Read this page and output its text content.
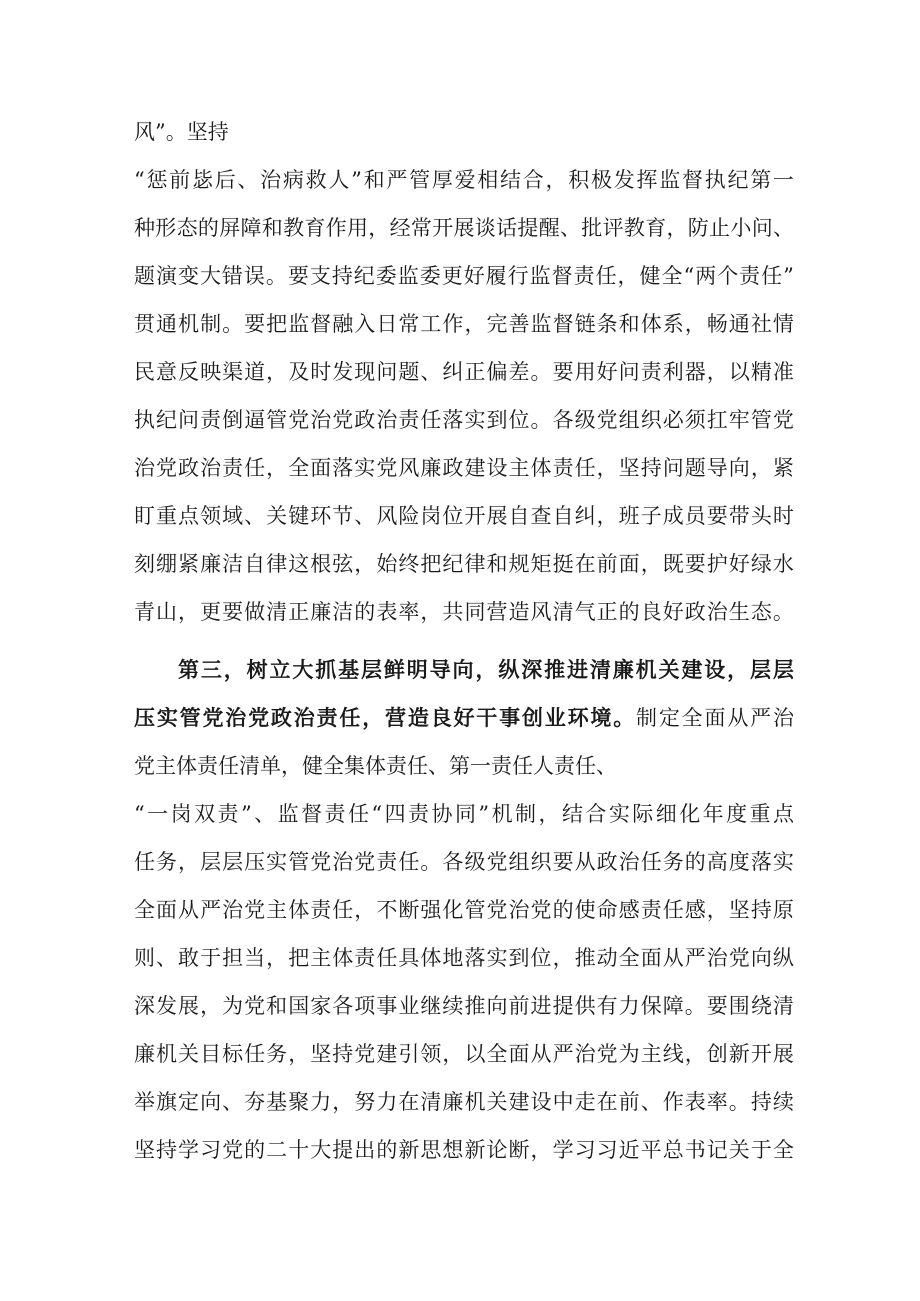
风”。坚持
“惩前毖后、治病救人”和严管厚爱相结合，积极发挥监督执纪第一
种形态的屏障和教育作用，经常开展谈话提醒、批评教育，防止小问、
题演变大错误。要支持纪委监委更好履行监督责任，健全“两个责任”
贯通机制。要把监督融入日常工作，完善监督链条和体系，畅通社情
民意反映渠道，及时发现问题、纠正偏差。要用好问责利器，以精准
执纪问责倒逼管党治党政治责任落实到位。各级党组织必须扛牢管党
治党政治责任，全面落实党风廉政建设主体责任，坚持问题导向，紧
盯重点领域、关键环节、风险岗位开展自查自纠，班子成员要带头时
刻绷紧廉洁自律这根弦，始终把纪律和规矩挺在前面，既要护好绿水
青山，更要做清正廉洁的表率，共同营造风清气正的良好政治生态。
第三，树立大抓基层鲜明导向，纵深推进清廉机关建设，层层
压实管党治党政治责任，营造良好干事创业环境。制定全面从严治
党主体责任清单，健全集体责任、第一责任人责任、
“一岗双责”、监督责任“四责协同”机制，结合实际细化年度重点
任务，层层压实管党治党责任。各级党组织要从政治任务的高度落实
全面从严治党主体责任，不断强化管党治党的使命感责任感，坚持原
则、敢于担当，把主体责任具体地落实到位，推动全面从严治党向纵
深发展，为党和国家各项事业继续推向前进提供有力保障。要围绕清
廉机关目标任务，坚持党建引领，以全面从严治党为主线，创新开展
举旗定向、夯基聚力，努力在清廉机关建设中走在前、作表率。持续
坚持学习党的二十大提出的新思想新论断，学习习近平总书记关于全
